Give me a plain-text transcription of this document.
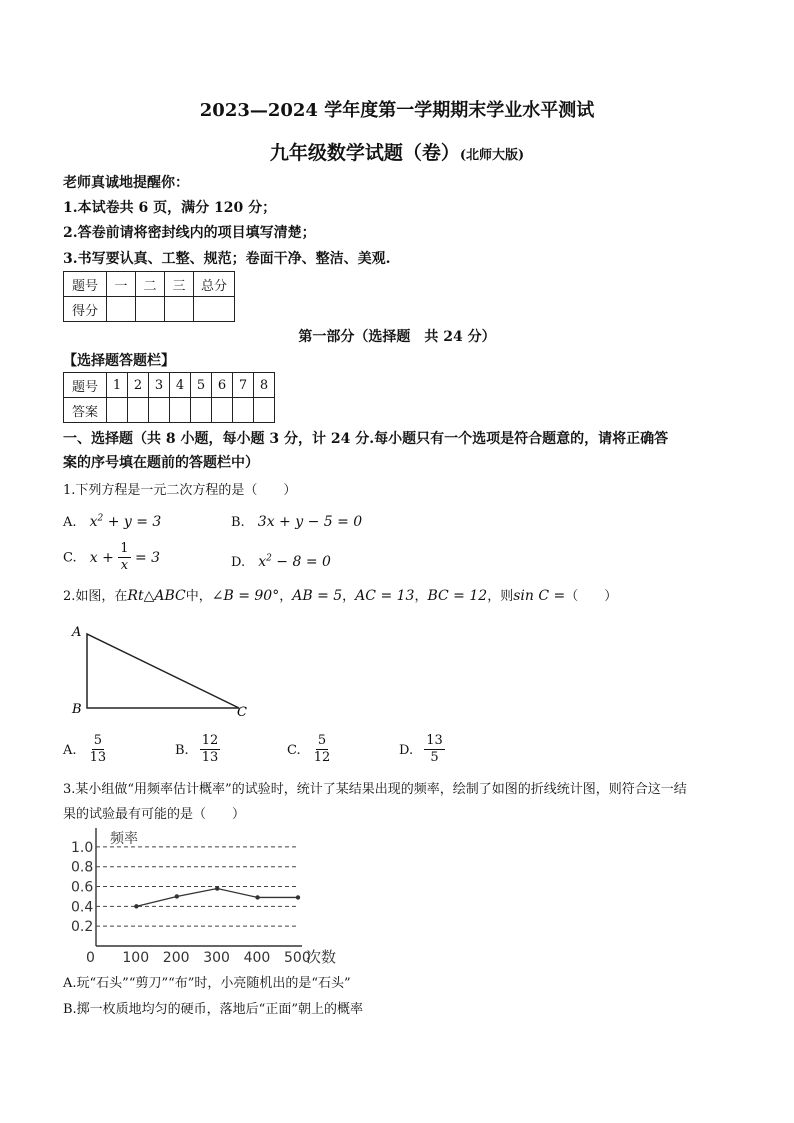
2023—2024 学年度第一学期期末学业水平测试
九年级数学试题（卷）(北师大版)
老师真诚地提醒你：
1.本试卷共 6 页，满分 120 分；
2.答卷前请将密封线内的项目填写清楚；
3.书写要认真、工整、规范；卷面干净、整洁、美观.
题号	一	二	三	总分
得分				
第一部分（选择题　共 24 分）
【选择题答题栏】
题号	1	2	3	4	5	6	7	8
答案								
一、选择题（共 8 小题，每小题 3 分，计 24 分.每小题只有一个选项是符合题意的，请将正确答
案的序号填在题前的答题栏中）
1.下列方程是一元二次方程的是（　　）
A. $x^2 + y = 3$	B. 3x + y − 5 = 0
C. $x + \frac{1}{x} = 3$	D. $x^2 - 8 = 0$
2.如图，在Rt△ABC中，∠B = 90°，AB = 5，AC = 13，BC = 12，则sin C =（　　）
A
B	C
A. $\frac{5}{13}$	B. $\frac{12}{13}$	C. $\frac{5}{12}$	D. $\frac{13}{5}$
3.某小组做“用频率估计概率”的试验时，统计了某结果出现的频率，绘制了如图的折线统计图，则符合这一结
果的试验最有可能的是（　　）
频率
次数
1.0
0.8
0.6
0.4
0.2
0 100 200 300 400 500
A.玩“石头”“剪刀”“布”时，小亮随机出的是“石头”
B.掷一枚质地均匀的硬币，落地后“正面”朝上的概率
